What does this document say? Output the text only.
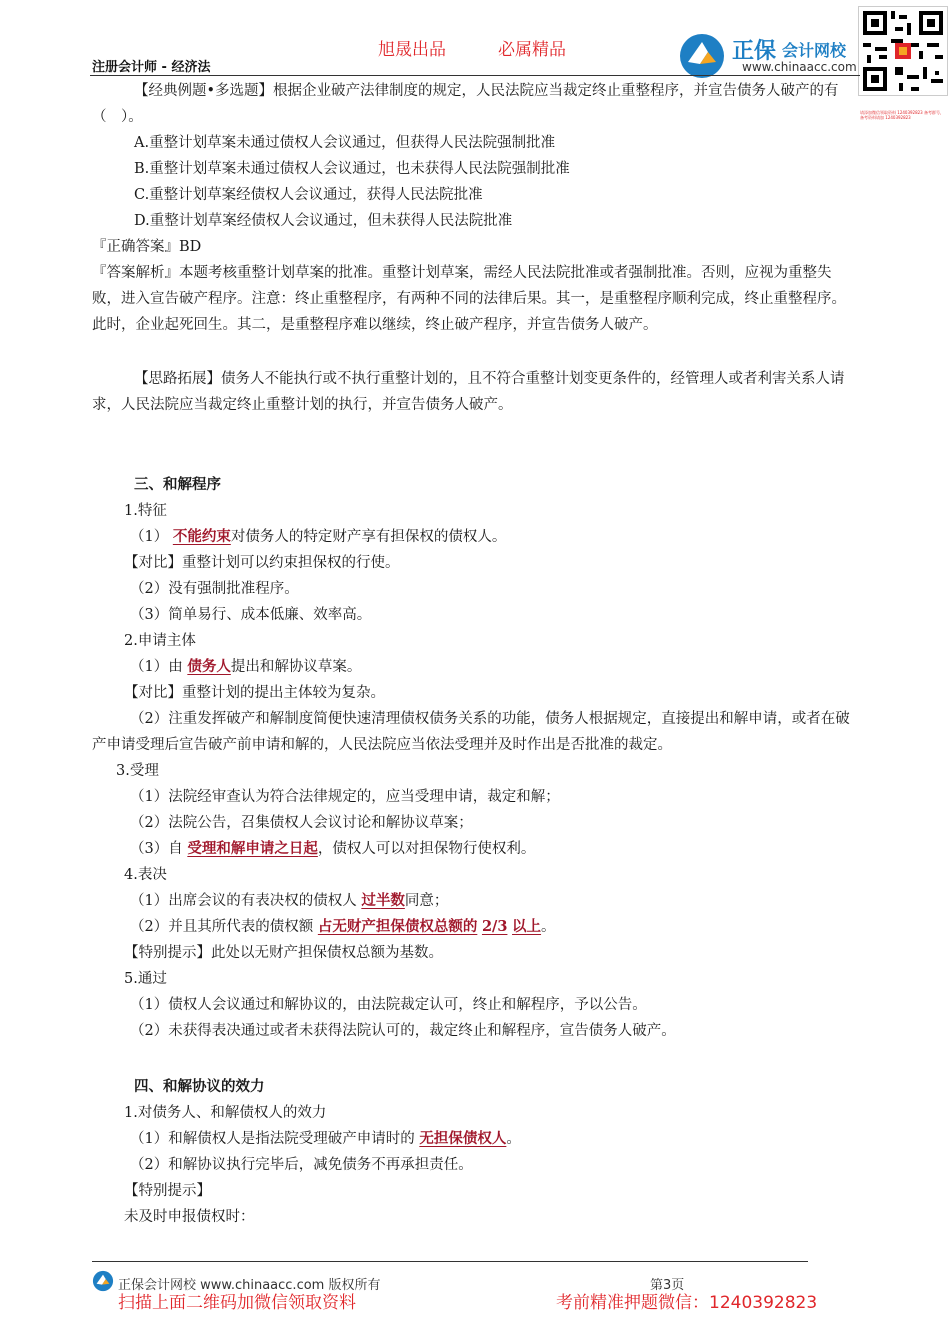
旭晟出品	必属精品
注册会计师 - 经济法
正保 会计网校
www.chinaacc.com
请添加微信领取资料 1240392823 备考群号，备考资料请加 1240392823
【经典例题•多选题】根据企业破产法律制度的规定，人民法院应当裁定终止重整程序，并宣告债务人破产的有（　）。
A.重整计划草案未通过债权人会议通过，但获得人民法院强制批准
B.重整计划草案未通过债权人会议通过，也未获得人民法院强制批准
C.重整计划草案经债权人会议通过，获得人民法院批准
D.重整计划草案经债权人会议通过，但未获得人民法院批准
『正确答案』BD
『答案解析』本题考核重整计划草案的批准。重整计划草案，需经人民法院批准或者强制批准。否则，应视为重整失败，进入宣告破产程序。注意：终止重整程序，有两种不同的法律后果。其一，是重整程序顺利完成，终止重整程序。此时，企业起死回生。其二，是重整程序难以继续，终止破产程序，并宣告债务人破产。
【思路拓展】债务人不能执行或不执行重整计划的，且不符合重整计划变更条件的，经管理人或者利害关系人请求，人民法院应当裁定终止重整计划的执行，并宣告债务人破产。
三、和解程序
1.特征
（1） 不能约束对债务人的特定财产享有担保权的债权人。
【对比】重整计划可以约束担保权的行使。
（2）没有强制批准程序。
（3）简单易行、成本低廉、效率高。
2.申请主体
（1）由 债务人提出和解协议草案。
【对比】重整计划的提出主体较为复杂。
（2）注重发挥破产和解制度简便快速清理债权债务关系的功能，债务人根据规定，直接提出和解申请，或者在破产申请受理后宣告破产前申请和解的，人民法院应当依法受理并及时作出是否批准的裁定。
3.受理
（1）法院经审查认为符合法律规定的，应当受理申请，裁定和解；
（2）法院公告，召集债权人会议讨论和解协议草案；
（3）自 受理和解申请之日起，债权人可以对担保物行使权利。
4.表决
（1）出席会议的有表决权的债权人 过半数同意；
（2）并且其所代表的债权额 占无财产担保债权总额的 2/3 以上。
【特别提示】此处以无财产担保债权总额为基数。
5.通过
（1）债权人会议通过和解协议的，由法院裁定认可，终止和解程序，予以公告。
（2）未获得表决通过或者未获得法院认可的，裁定终止和解程序，宣告债务人破产。
四、和解协议的效力
1.对债务人、和解债权人的效力
（1）和解债权人是指法院受理破产申请时的 无担保债权人。
（2）和解协议执行完毕后，减免债务不再承担责任。
【特别提示】
未及时申报债权时：
正保会计网校 www.chinaacc.com 版权所有	第3页
扫描上面二维码加微信领取资料	考前精准押题微信：1240392823
